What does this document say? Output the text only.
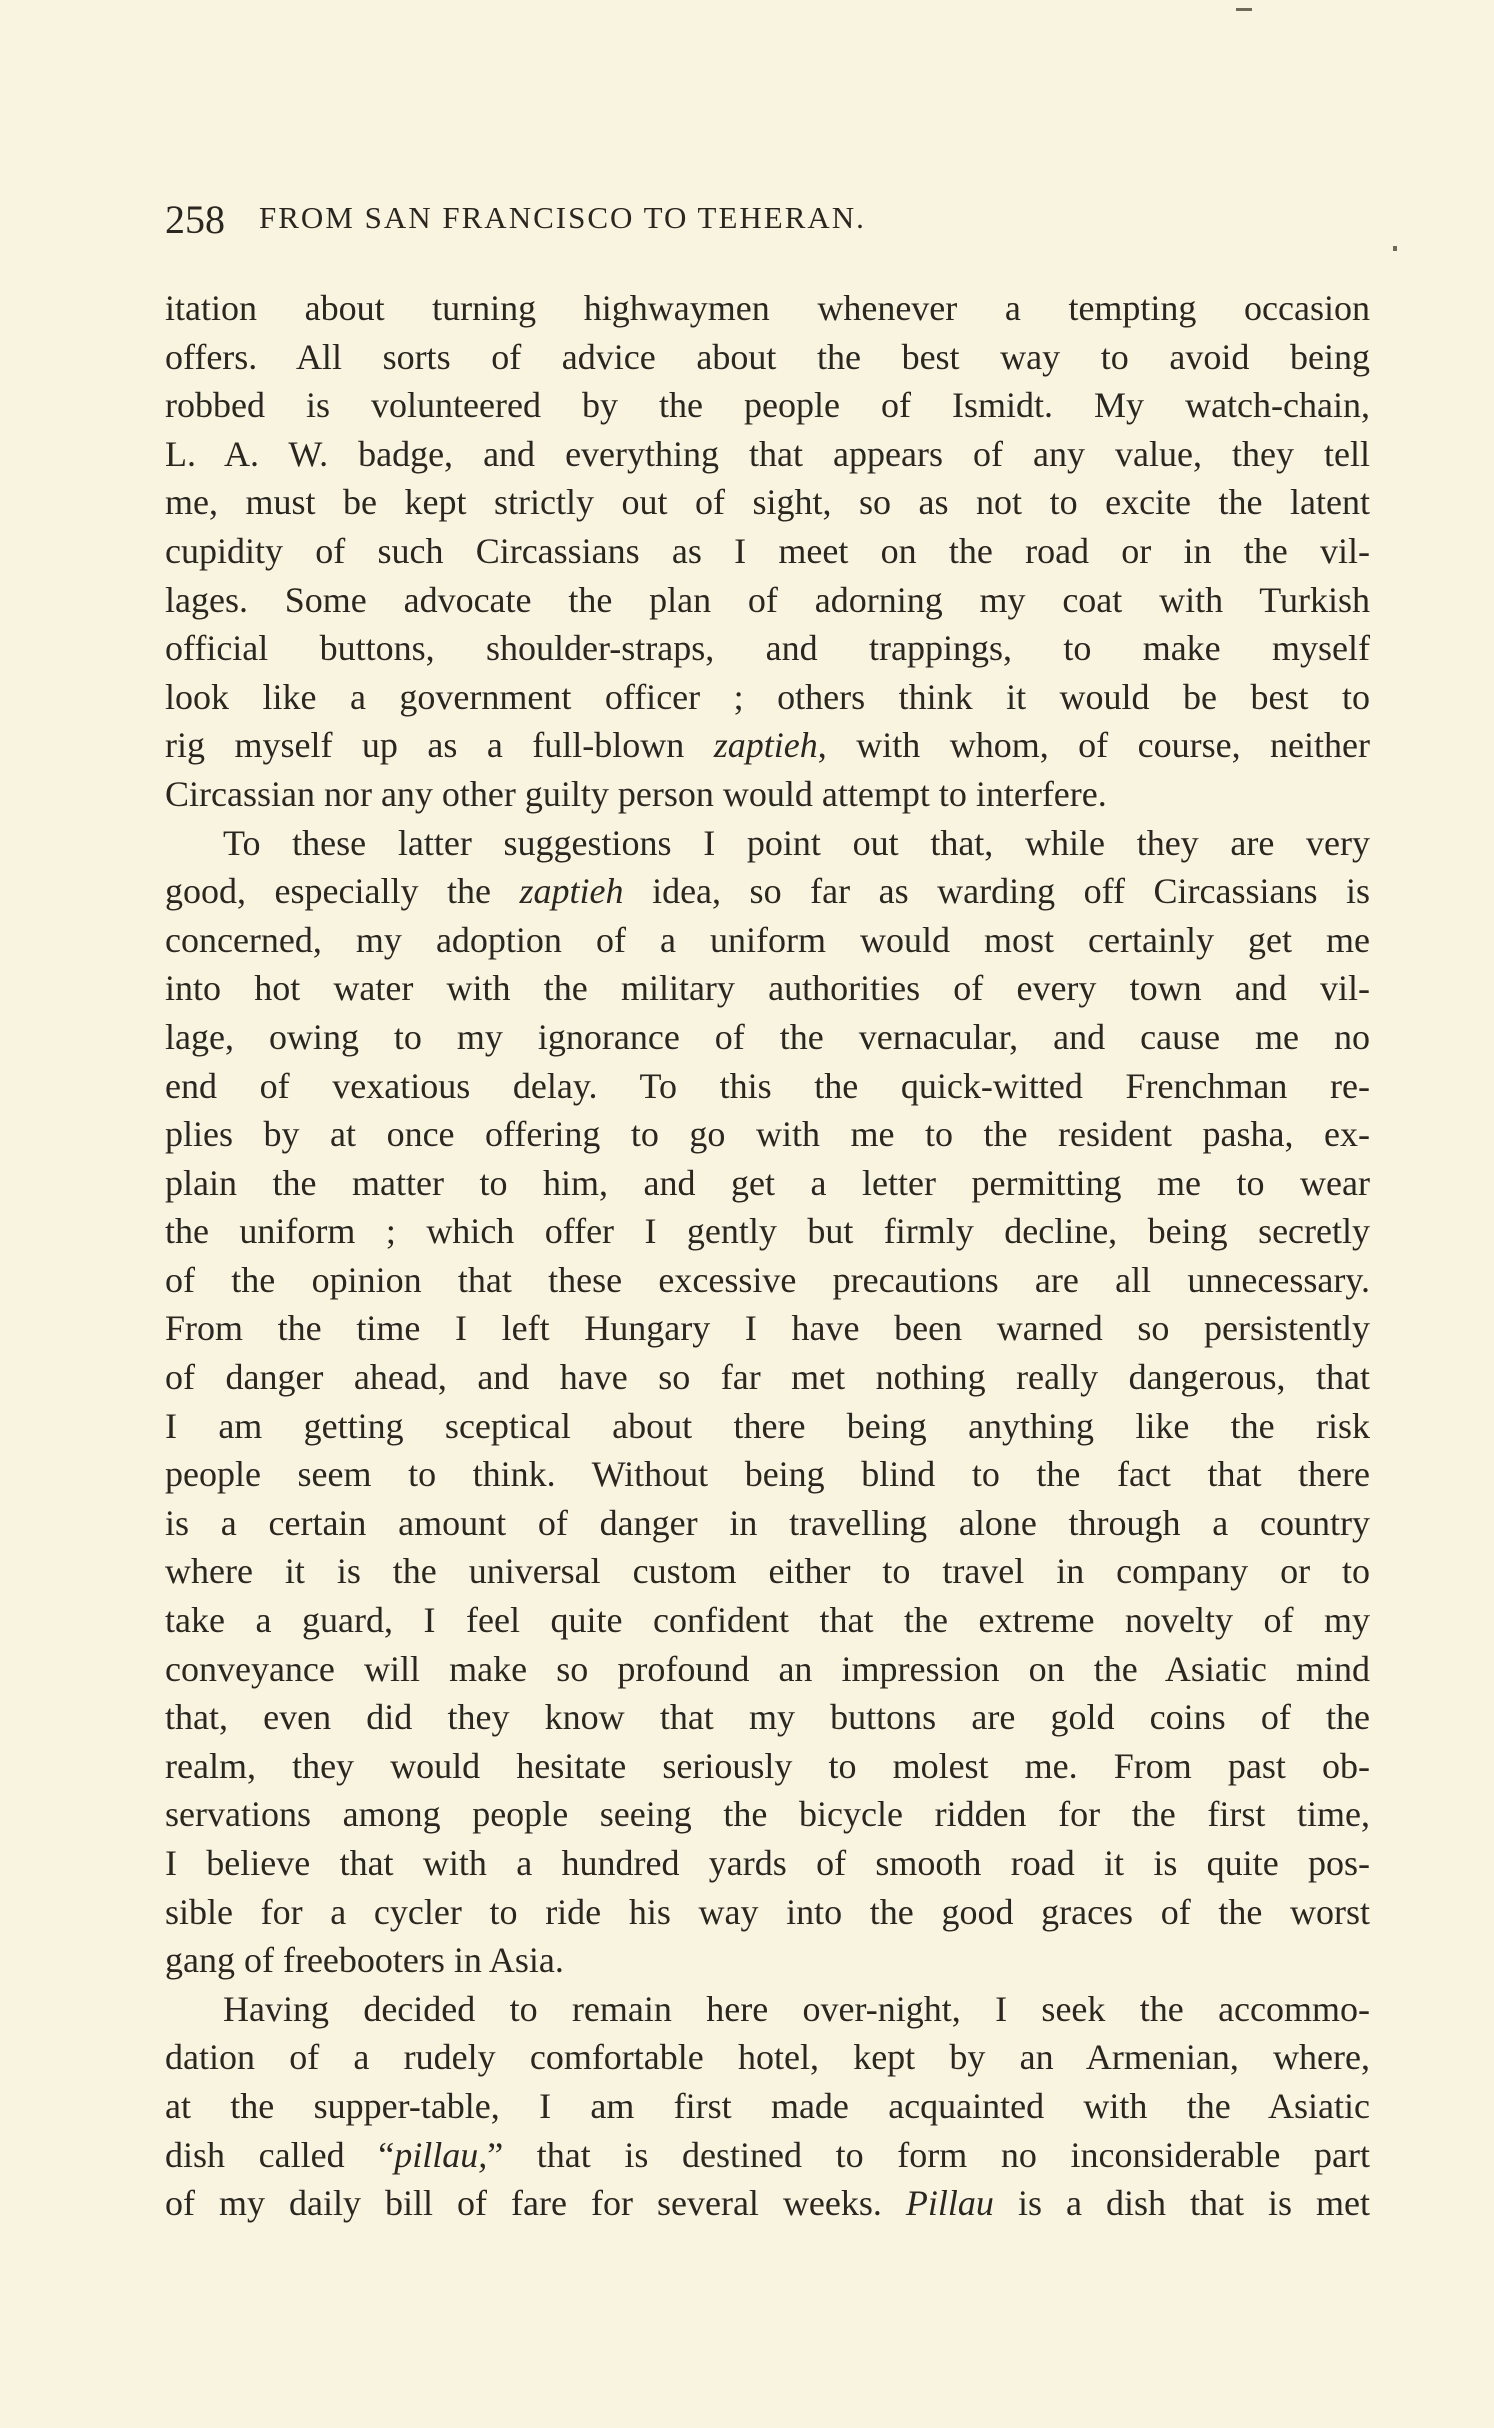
258 FROM SAN FRANCISCO TO TEHERAN.
itation about turning highwaymen whenever a tempting occasion
offers. All sorts of advice about the best way to avoid being
robbed is volunteered by the people of Ismidt. My watch-chain,
L. A. W. badge, and everything that appears of any value, they tell
me, must be kept strictly out of sight, so as not to excite the latent
cupidity of such Circassians as I meet on the road or in the vil-
lages. Some advocate the plan of adorning my coat with Turkish
official buttons, shoulder-straps, and trappings, to make myself
look like a government officer ; others think it would be best to
rig myself up as a full-blown zaptieh, with whom, of course, neither
Circassian nor any other guilty person would attempt to interfere.
To these latter suggestions I point out that, while they are very
good, especially the zaptieh idea, so far as warding off Circassians is
concerned, my adoption of a uniform would most certainly get me
into hot water with the military authorities of every town and vil-
lage, owing to my ignorance of the vernacular, and cause me no
end of vexatious delay. To this the quick-witted Frenchman re-
plies by at once offering to go with me to the resident pasha, ex-
plain the matter to him, and get a letter permitting me to wear
the uniform ; which offer I gently but firmly decline, being secretly
of the opinion that these excessive precautions are all unnecessary.
From the time I left Hungary I have been warned so persistently
of danger ahead, and have so far met nothing really dangerous, that
I am getting sceptical about there being anything like the risk
people seem to think. Without being blind to the fact that there
is a certain amount of danger in travelling alone through a country
where it is the universal custom either to travel in company or to
take a guard, I feel quite confident that the extreme novelty of my
conveyance will make so profound an impression on the Asiatic mind
that, even did they know that my buttons are gold coins of the
realm, they would hesitate seriously to molest me. From past ob-
servations among people seeing the bicycle ridden for the first time,
I believe that with a hundred yards of smooth road it is quite pos-
sible for a cycler to ride his way into the good graces of the worst
gang of freebooters in Asia.
Having decided to remain here over-night, I seek the accommo-
dation of a rudely comfortable hotel, kept by an Armenian, where,
at the supper-table, I am first made acquainted with the Asiatic
dish called “pillau,” that is destined to form no inconsiderable part
of my daily bill of fare for several weeks. Pillau is a dish that is met
